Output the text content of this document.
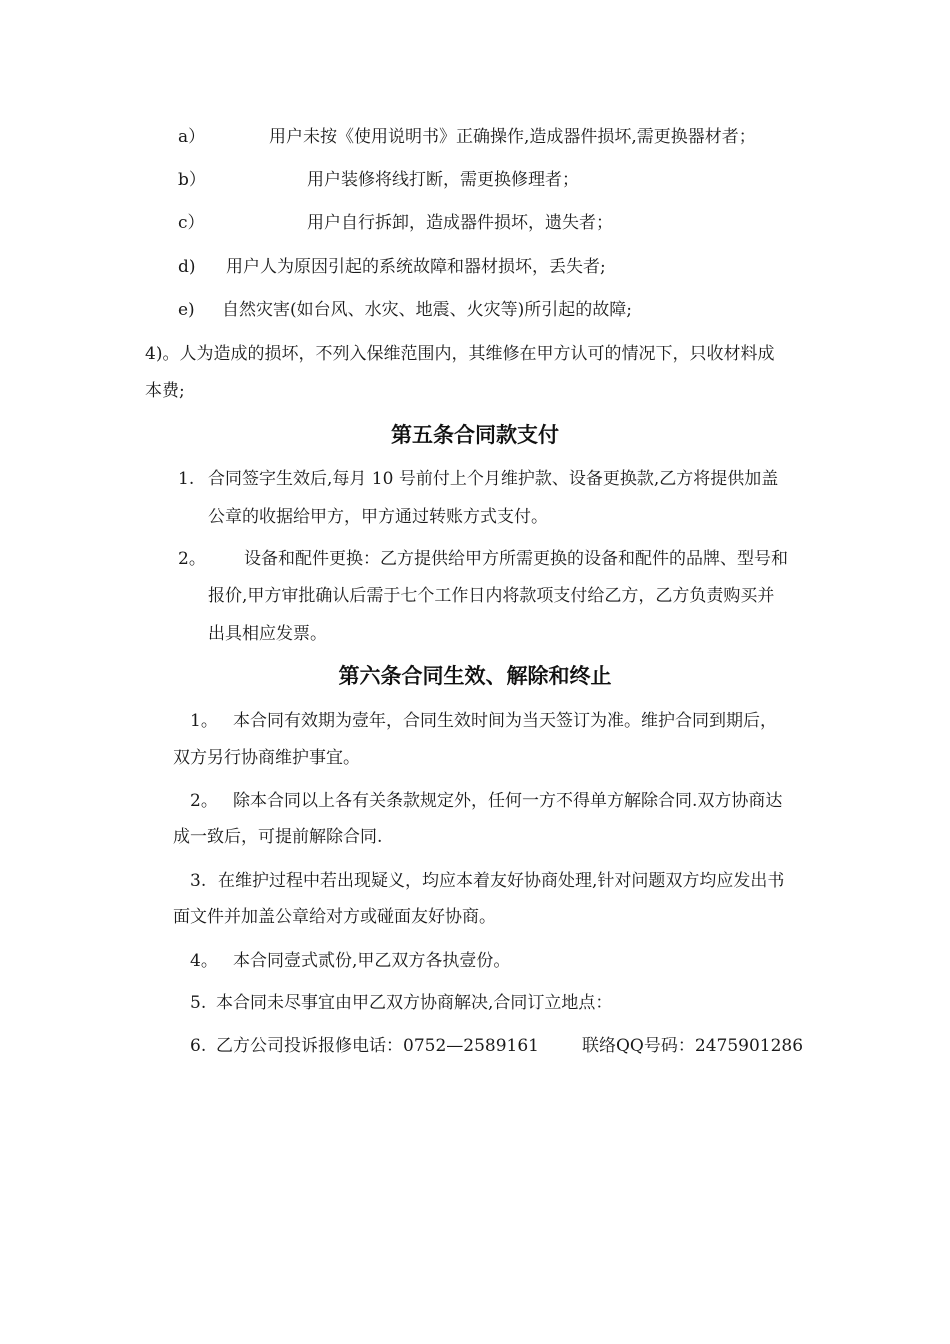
a）	用户未按《使用说明书》正确操作,造成器件损坏,需更换器材者；
b）	用户装修将线打断，需更换修理者；
c）	用户自行拆卸，造成器件损坏，遗失者；
d) 用户人为原因引起的系统故障和器材损坏，丢失者;
e) 自然灾害(如台风、水灾、地震、火灾等)所引起的故障;
4)。人为造成的损坏，不列入保维范围内，其维修在甲方认可的情况下，只收材料成
本费;
第五条合同款支付
1. 合同签字生效后,每月 10 号前付上个月维护款、设备更换款,乙方将提供加盖
公章的收据给甲方，甲方通过转账方式支付。
2。 设备和配件更换：乙方提供给甲方所需更换的设备和配件的品牌、型号和
报价,甲方审批确认后需于七个工作日内将款项支付给乙方，乙方负责购买并
出具相应发票。
第六条合同生效、解除和终止
1。 本合同有效期为壹年，合同生效时间为当天签订为准。维护合同到期后，
双方另行协商维护事宜。
2。 除本合同以上各有关条款规定外，任何一方不得单方解除合同.双方协商达
成一致后，可提前解除合同.
3. 在维护过程中若出现疑义，均应本着友好协商处理,针对问题双方均应发出书
面文件并加盖公章给对方或碰面友好协商。
4。 本合同壹式贰份,甲乙双方各执壹份。
5. 本合同未尽事宜由甲乙双方协商解决,合同订立地点：
6. 乙方公司投诉报修电话：0752—2589161	联络QQ号码：2475901286
